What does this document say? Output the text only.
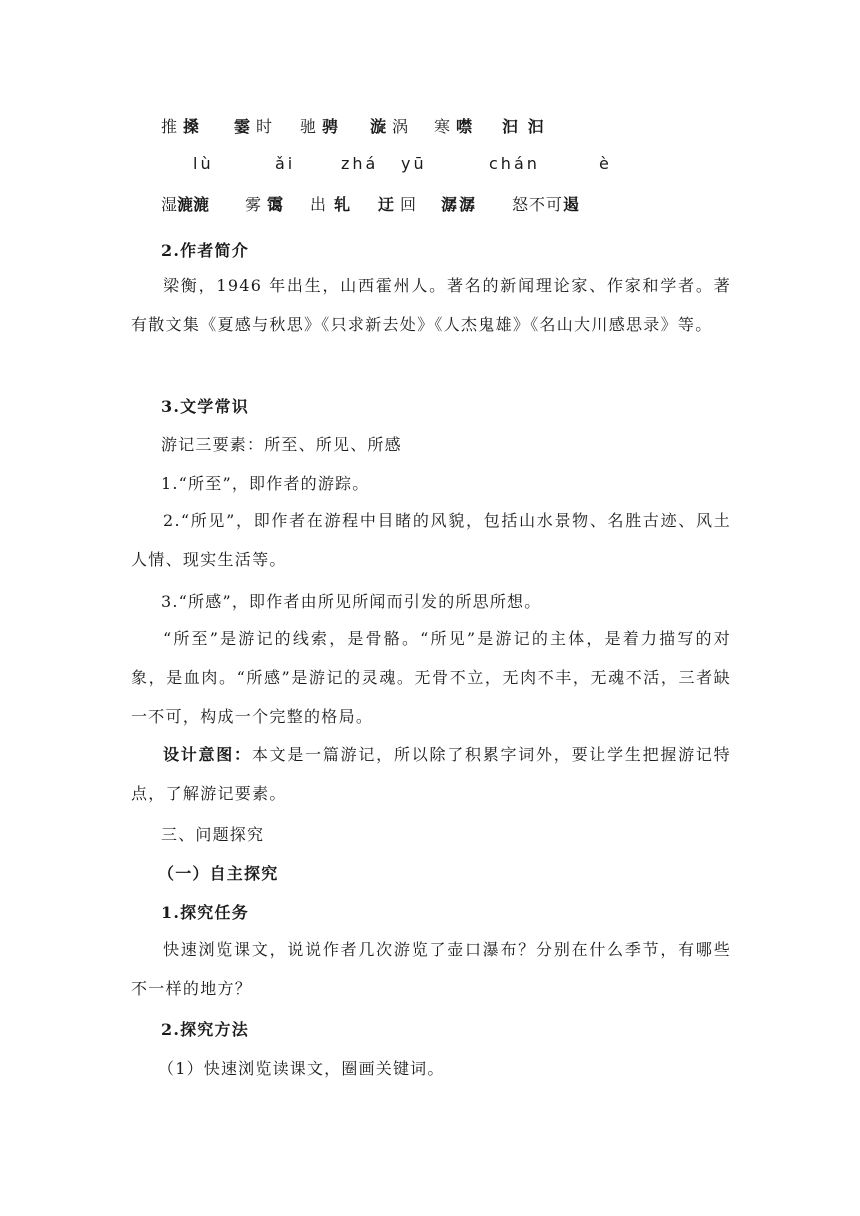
推 搡 霎 时 驰 骋 漩 涡 寒 噤 汩 汩
lù	ǎi	zhá yū	chán	è
湿漉漉 雾 霭 出 轧 迂 回 潺潺 怒不可遏
2.作者简介
梁衡，1946 年出生，山西霍州人。著名的新闻理论家、作家和学者。著有散文集《夏感与秋思》《只求新去处》《人杰鬼雄》《名山大川感思录》等。
3.文学常识
游记三要素：所至、所见、所感
1.“所至”，即作者的游踪。
2.“所见”，即作者在游程中目睹的风貌，包括山水景物、名胜古迹、风土人情、现实生活等。
3.“所感”，即作者由所见所闻而引发的所思所想。
“所至”是游记的线索，是骨骼。“所见”是游记的主体，是着力描写的对象，是血肉。“所感”是游记的灵魂。无骨不立，无肉不丰，无魂不活，三者缺一不可，构成一个完整的格局。
设计意图：本文是一篇游记，所以除了积累字词外，要让学生把握游记特点，了解游记要素。
三、问题探究
（一）自主探究
1.探究任务
快速浏览课文，说说作者几次游览了壶口瀑布？分别在什么季节，有哪些不一样的地方？
2.探究方法
（1）快速浏览读课文，圈画关键词。
